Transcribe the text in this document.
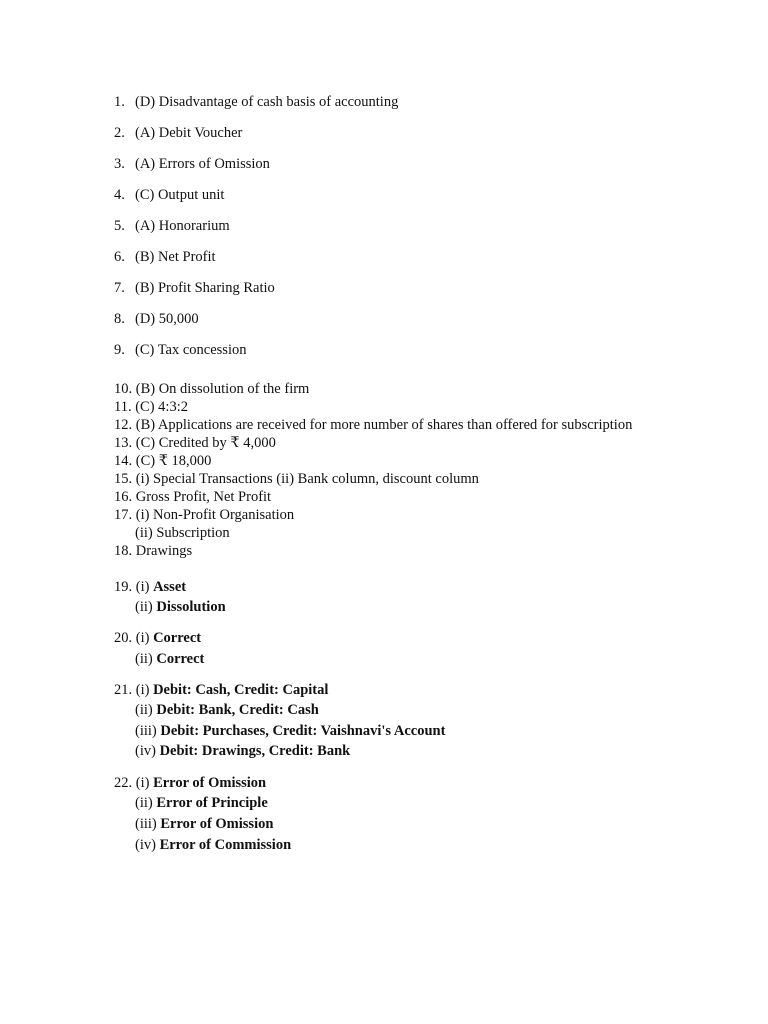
1. (D) Disadvantage of cash basis of accounting
2. (A) Debit Voucher
3. (A) Errors of Omission
4. (C) Output unit
5. (A) Honorarium
6. (B) Net Profit
7. (B) Profit Sharing Ratio
8. (D) 50,000
9. (C) Tax concession
10. (B) On dissolution of the firm
11. (C) 4:3:2
12. (B) Applications are received for more number of shares than offered for subscription
13. (C) Credited by ₹ 4,000
14. (C) ₹ 18,000
15. (i) Special Transactions (ii) Bank column, discount column
16. Gross Profit, Net Profit
17. (i) Non-Profit Organisation
(ii) Subscription
18. Drawings
19. (i) Asset
(ii) Dissolution
20. (i) Correct
(ii) Correct
21. (i) Debit: Cash, Credit: Capital
(ii) Debit: Bank, Credit: Cash
(iii) Debit: Purchases, Credit: Vaishnavi's Account
(iv) Debit: Drawings, Credit: Bank
22. (i) Error of Omission
(ii) Error of Principle
(iii) Error of Omission
(iv) Error of Commission
